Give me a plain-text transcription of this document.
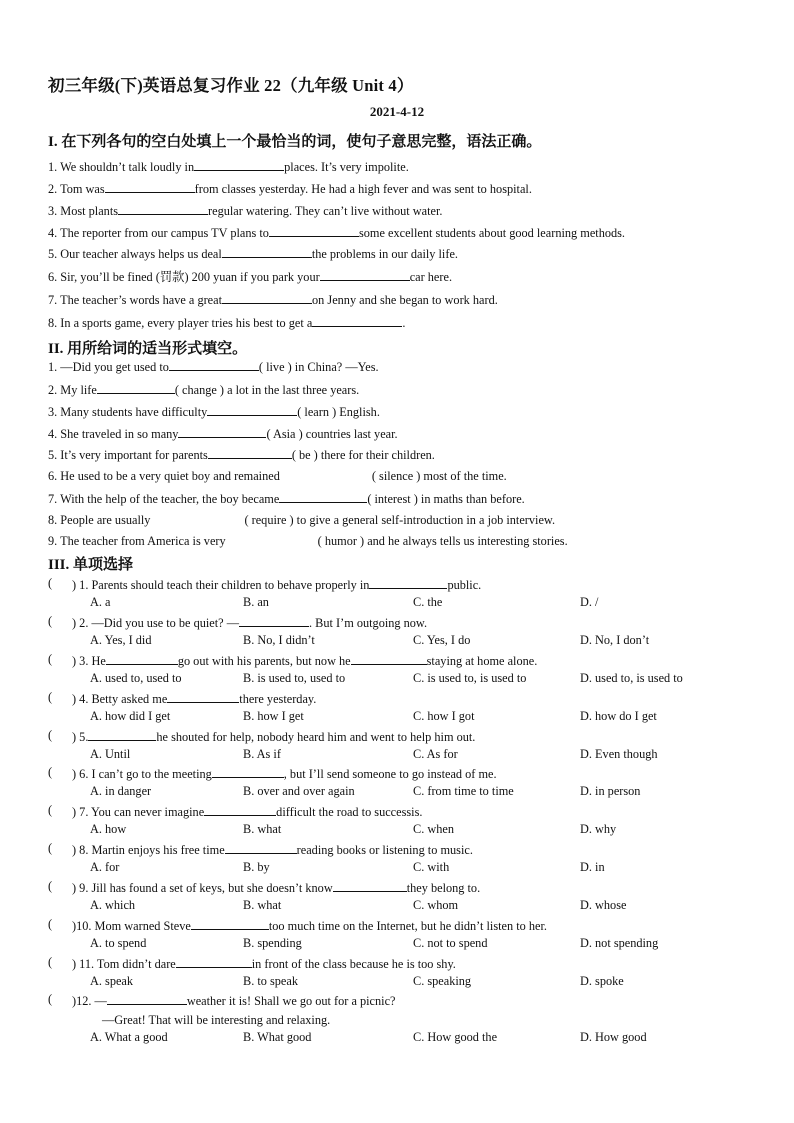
初三年级(下)英语总复习作业 22（九年级 Unit 4）
2021-4-12
I. 在下列各句的空白处填上一个最恰当的词，使句子意思完整，语法正确。
1. We shouldn’t talk loudly in	places. It’s very impolite.
2. Tom was	from classes yesterday. He had a high fever and was sent to hospital.
3. Most plants	regular watering. They can’t live without water.
4. The reporter from our campus TV plans to	some excellent students about good learning methods.
5. Our teacher always helps us deal	the problems in our daily life.
6. Sir, you’ll be fined (罚款) 200 yuan if you park your	car here.
7. The teacher’s words have a great	on Jenny and she began to work hard.
8. In a sports game, every player tries his best to get a	.
II. 用所给词的适当形式填空。
1. —Did you get used to	( live ) in China? —Yes.
2. My life	( change ) a lot in the last three years.
3. Many students have difficulty	( learn ) English.
4. She traveled in so many	( Asia ) countries last year.
5. It’s very important for parents	( be ) there for their children.
6. He used to be a very quiet boy and remained	( silence ) most of the time.
7. With the help of the teacher, the boy became	( interest ) in maths than before.
8. People are usually	( require ) to give a general self-introduction in a job interview.
9. The teacher from America is very	( humor ) and he always tells us interesting stories.
III. 单项选择
( ) 1. Parents should teach their children to behave properly in	public.
A. a	B. an	C. the	D. /
( ) 2. —Did you use to be quiet? —	. But I’m outgoing now.
A. Yes, I did	B. No, I didn’t	C. Yes, I do	D. No, I don’t
( ) 3. He	go out with his parents, but now he	staying at home alone.
A. used to, used to	B. is used to, used to	C. is used to, is used to	D. used to, is used to
( ) 4. Betty asked me	there yesterday.
A. how did I get	B. how I get	C. how I got	D. how do I get
( ) 5.	he shouted for help, nobody heard him and went to help him out.
A. Until	B. As if	C. As for	D. Even though
( ) 6. I can’t go to the meeting	, but I’ll send someone to go instead of me.
A. in danger	B. over and over again	C. from time to time	D. in person
( ) 7. You can never imagine	difficult the road to successis.
A. how	B. what	C. when	D. why
( ) 8. Martin enjoys his free time	reading books or listening to music.
A. for	B. by	C. with	D. in
( ) 9. Jill has found a set of keys, but she doesn’t know	they belong to.
A. which	B. what	C. whom	D. whose
( )10. Mom warned Steve	too much time on the Internet, but he didn’t listen to her.
A. to spend	B. spending	C. not to spend	D. not spending
( ) 11. Tom didn’t dare	in front of the class because he is too shy.
A. speak	B. to speak	C. speaking	D. spoke
( )12. —	weather it is! Shall we go out for a picnic?
—Great! That will be interesting and relaxing.
A. What a good	B. What good	C. How good the	D. How good
